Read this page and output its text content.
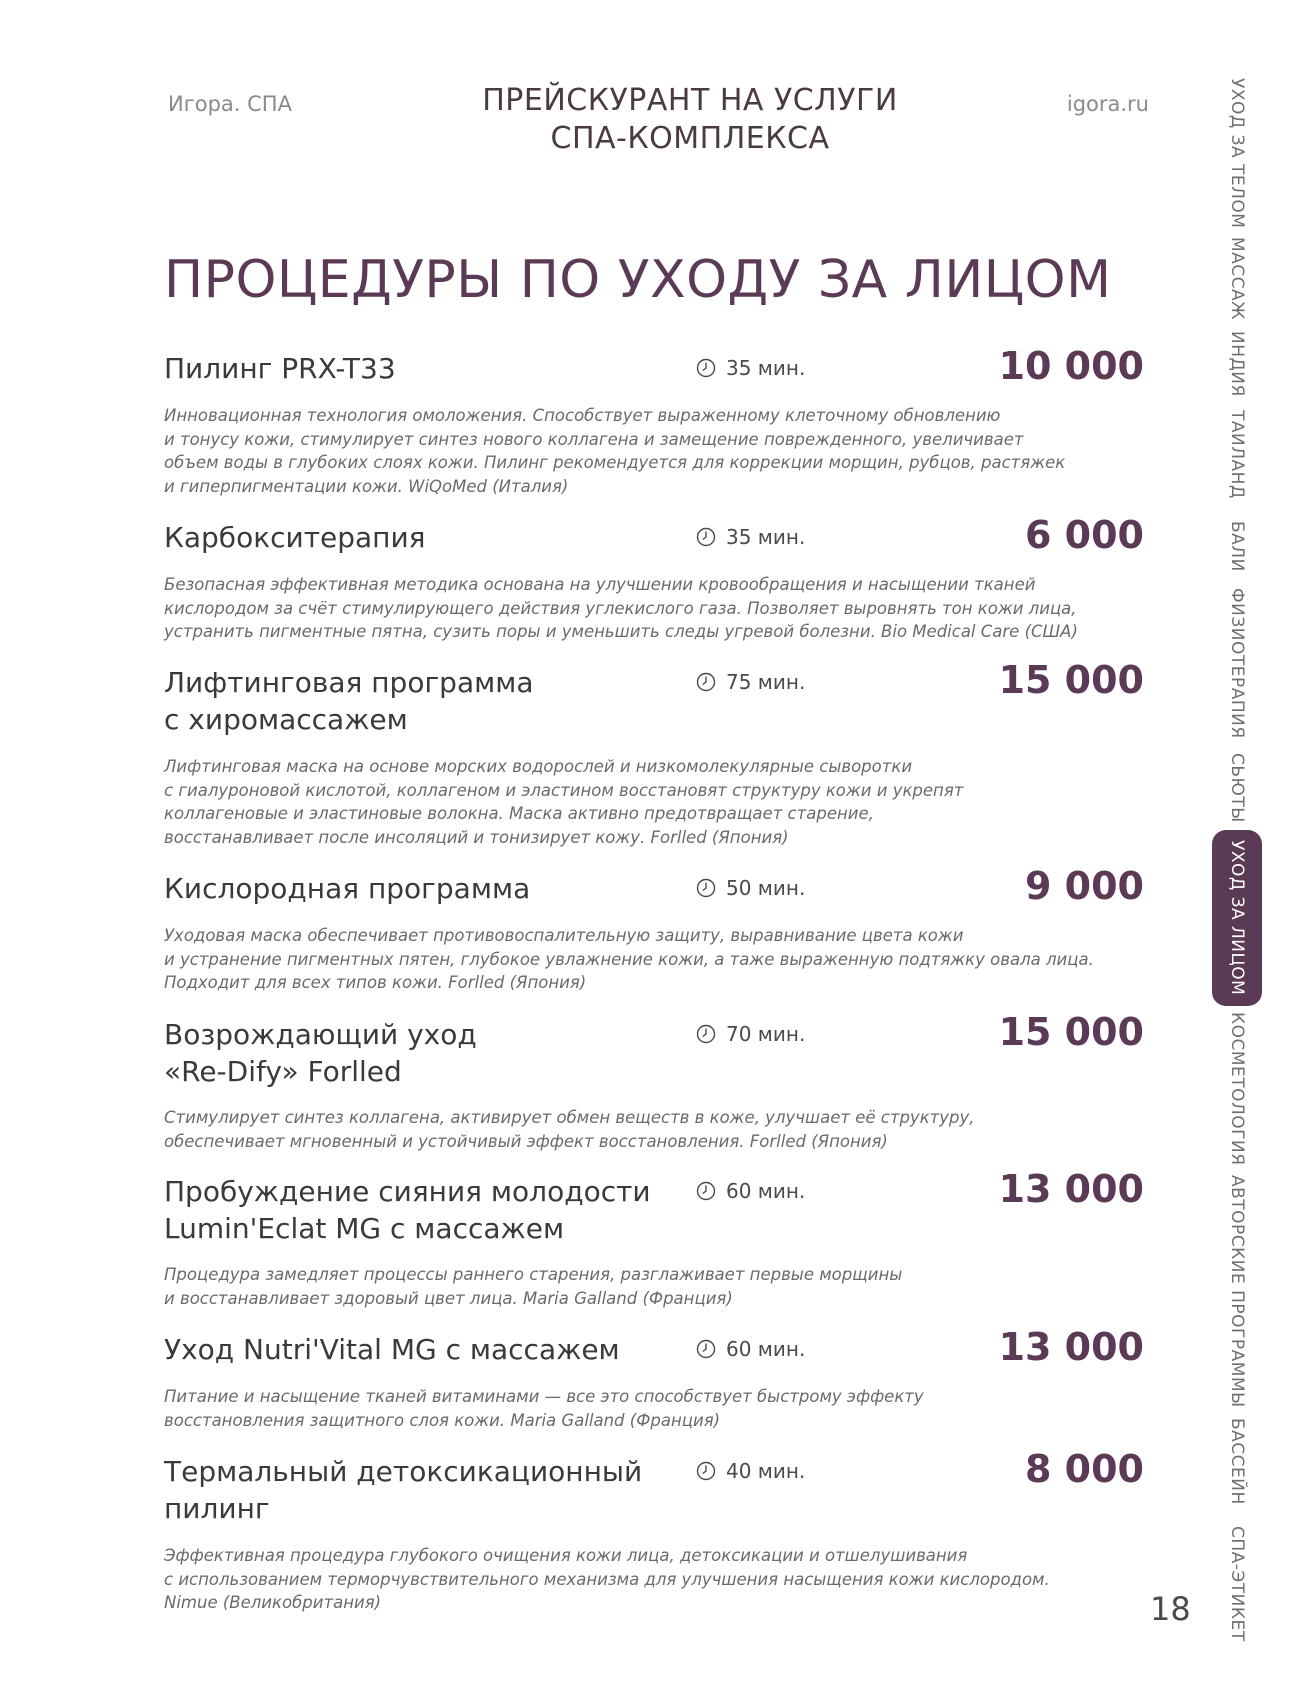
Игора. СПА	ПРЕЙСКУРАНТ НА УСЛУГИ
СПА-КОМПЛЕКСА
igora.ru
ПРОЦЕДУРЫ ПО УХОДУ ЗА ЛИЦОМ
Пилинг PRX-T33	35 мин.	10 000
Инновационная технология омоложения. Способствует выраженному клеточному обновлению
и тонусу кожи, стимулирует синтез нового коллагена и замещение поврежденного, увеличивает
объем воды в глубоких слоях кожи. Пилинг рекомендуется для коррекции морщин, рубцов, растяжек
и гиперпигментации кожи. WiQoMed (Италия)
Карбокситерапия	35 мин.	6 000
Безопасная эффективная методика основана на улучшении кровообращения и насыщении тканей
кислородом за счёт стимулирующего действия углекислого газа. Позволяет выровнять тон кожи лица,
устранить пигментные пятна, сузить поры и уменьшить следы угревой болезни. Bio Medical Care (США)
Лифтинговая программа
с хиромассажем
75 мин.	15 000
Лифтинговая маска на основе морских водорослей и низкомолекулярные сыворотки
с гиалуроновой кислотой, коллагеном и эластином восстановят структуру кожи и укрепят
коллагеновые и эластиновые волокна. Маска активно предотвращает старение,
восстанавливает после инсоляций и тонизирует кожу. Forlled (Япония)
Кислородная программа	50 мин.	9 000
Уходовая маска обеспечивает противовоспалительную защиту, выравнивание цвета кожи
и устранение пигментных пятен, глубокое увлажнение кожи, а таже выраженную подтяжку овала лица.
Подходит для всех типов кожи. Forlled (Япония)
Возрождающий уход
«Re-Dify» Forlled
70 мин.	15 000
Стимулирует синтез коллагена, активирует обмен веществ в коже, улучшает её структуру,
обеспечивает мгновенный и устойчивый эффект восстановления. Forlled (Япония)
Пробуждение сияния молодости
Lumin'Eclat MG с массажем
60 мин.	13 000
Процедура замедляет процессы раннего старения, разглаживает первые морщины
и восстанавливает здоровый цвет лица. Maria Galland (Франция)
Уход Nutri'Vital MG с массажем	60 мин.	13 000
Питание и насыщение тканей витаминами — все это способствует быстрому эффекту
восстановления защитного слоя кожи. Maria Galland (Франция)
Термальный детоксикационный
пилинг
40 мин.	8 000
Эффективная процедура глубокого очищения кожи лица, детоксикации и отшелушивания
с использованием терморчувствительного механизма для улучшения насыщения кожи кислородом.
Nimue (Великобритания)
УХОД ЗА ТЕЛОМ
МАССАЖ
ИНДИЯ
ТАИЛАНД
БАЛИ
ФИЗИОТЕРАПИЯ
СЬЮТЫ
УХОД ЗА ЛИЦОМ
КОСМЕТОЛОГИЯ
АВТОРСКИЕ ПРОГРАММЫ
БАССЕЙН
СПА-ЭТИКЕТ
18
